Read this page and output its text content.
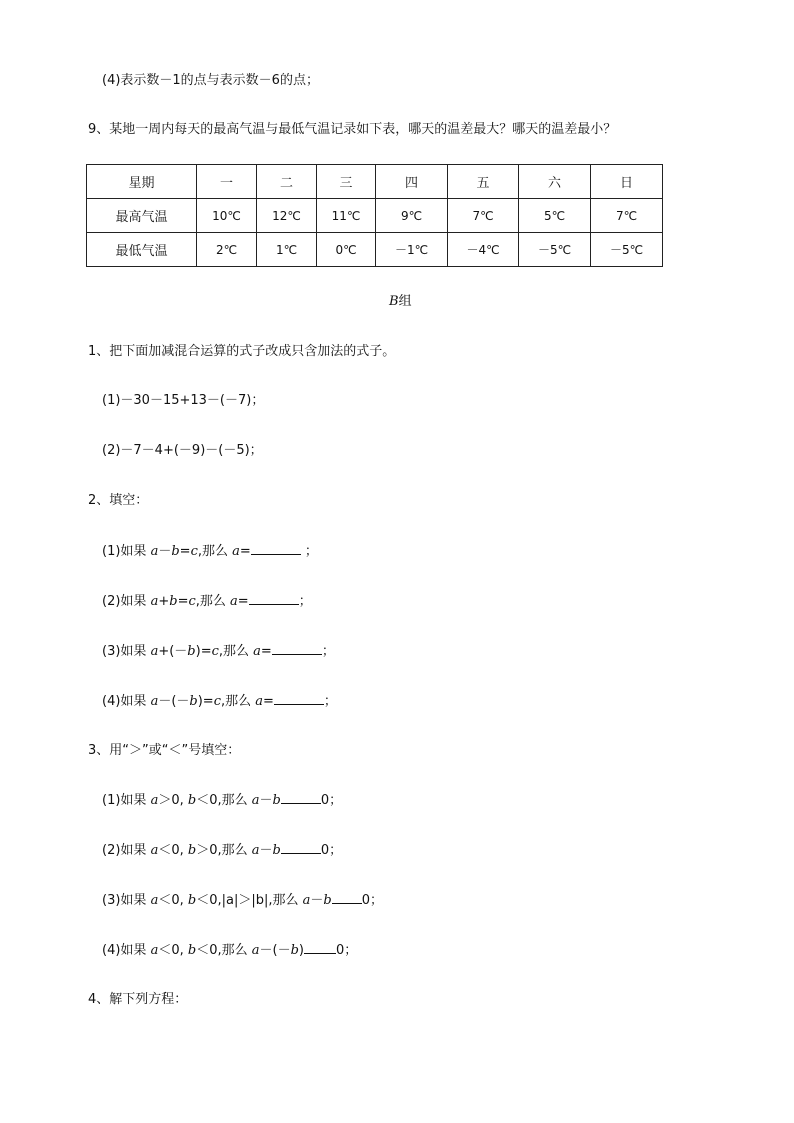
(4)表示数－1的点与表示数－6的点；
9、某地一周内每天的最高气温与最低气温记录如下表，哪天的温差最大？哪天的温差最小？
星期	一	二	三	四	五	六	日
最高气温	10℃	12℃	11℃	9℃	7℃	5℃	7℃
最低气温	2℃	1℃	0℃	－1℃	－4℃	－5℃	－5℃
B组
1、把下面加减混合运算的式子改成只含加法的式子。
(1)－30－15+13－(－7)；
(2)－7－4+(－9)－(－5)；
2、填空：
(1)如果 a－b=c,那么 a=	；
(2)如果 a+b=c,那么 a=	；
(3)如果 a+(－b)=c,那么 a=	；
(4)如果 a－(－b)=c,那么 a=	；
3、用“＞”或“＜”号填空：
(1)如果 a＞0, b＜0,那么 a－b	0；
(2)如果 a＜0, b＞0,那么 a－b	0；
(3)如果 a＜0, b＜0,|a|＞|b|,那么 a－b 0；
(4)如果 a＜0, b＜0,那么 a－(－b) 0；
4、解下列方程：
